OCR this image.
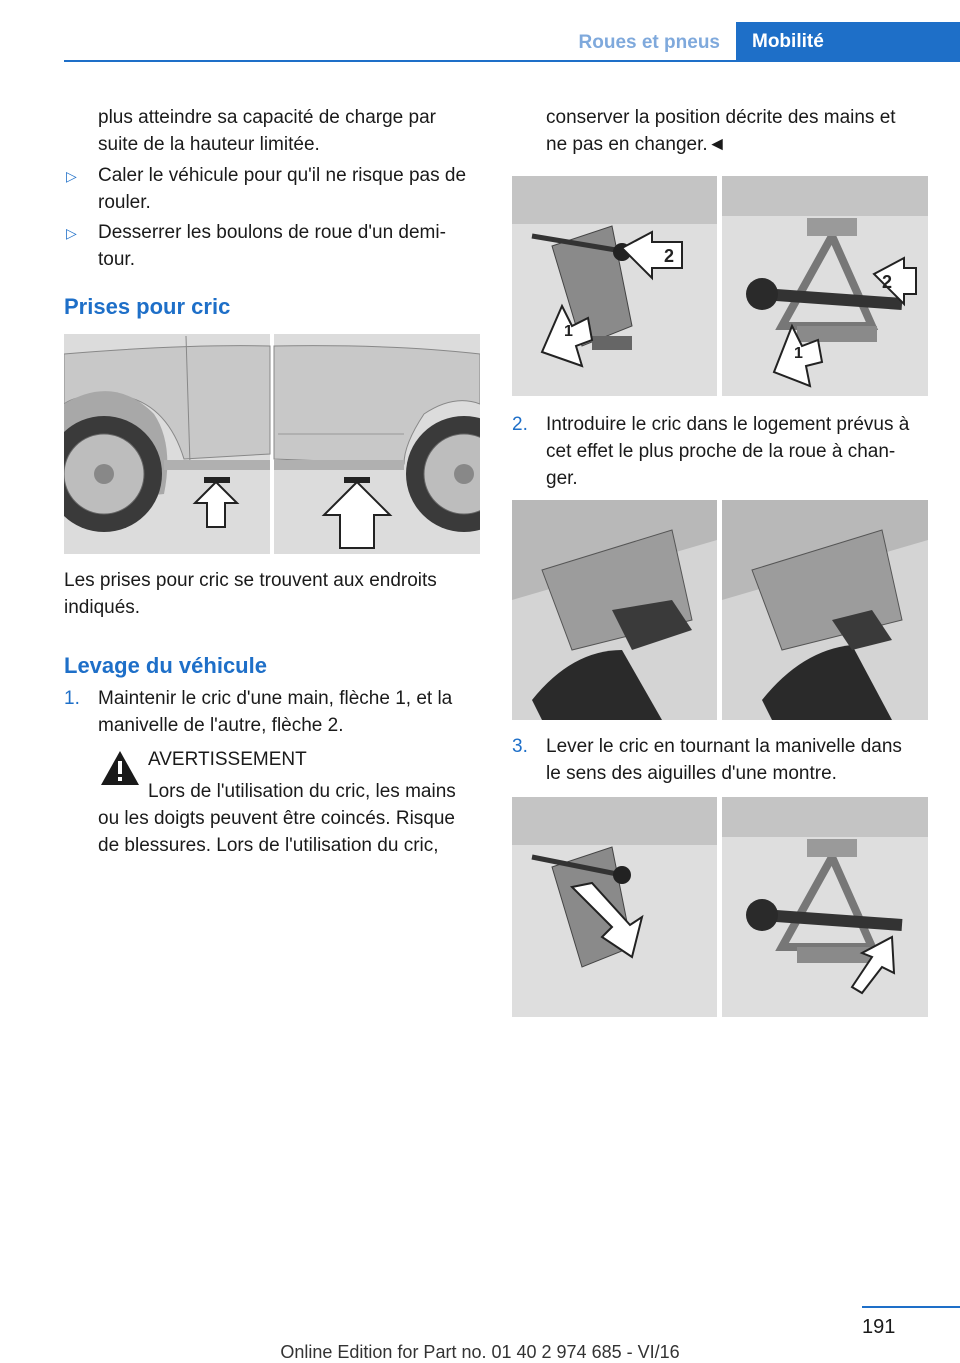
Roues et pneus	Mobilité
plus atteindre sa capacité de charge par
suite de la hauteur limitée.
▷ Caler le véhicule pour qu'il ne risque pas de
rouler.
▷ Desserrer les boulons de roue d'un demi-
tour.
Prises pour cric
Les prises pour cric se trouvent aux endroits
indiqués.
Levage du véhicule
1. Maintenir le cric d'une main, flèche 1, et la
manivelle de l'autre, flèche 2.
AVERTISSEMENT
Lors de l'utilisation du cric, les mains
ou les doigts peuvent être coincés. Risque
de blessures. Lors de l'utilisation du cric,
conserver la position décrite des mains et
ne pas en changer.◄
2
1
2
1
2. Introduire le cric dans le logement prévus à
cet effet le plus proche de la roue à chan-
ger.
3. Lever le cric en tournant la manivelle dans
le sens des aiguilles d'une montre.
191
Online Edition for Part no. 01 40 2 974 685 - VI/16
